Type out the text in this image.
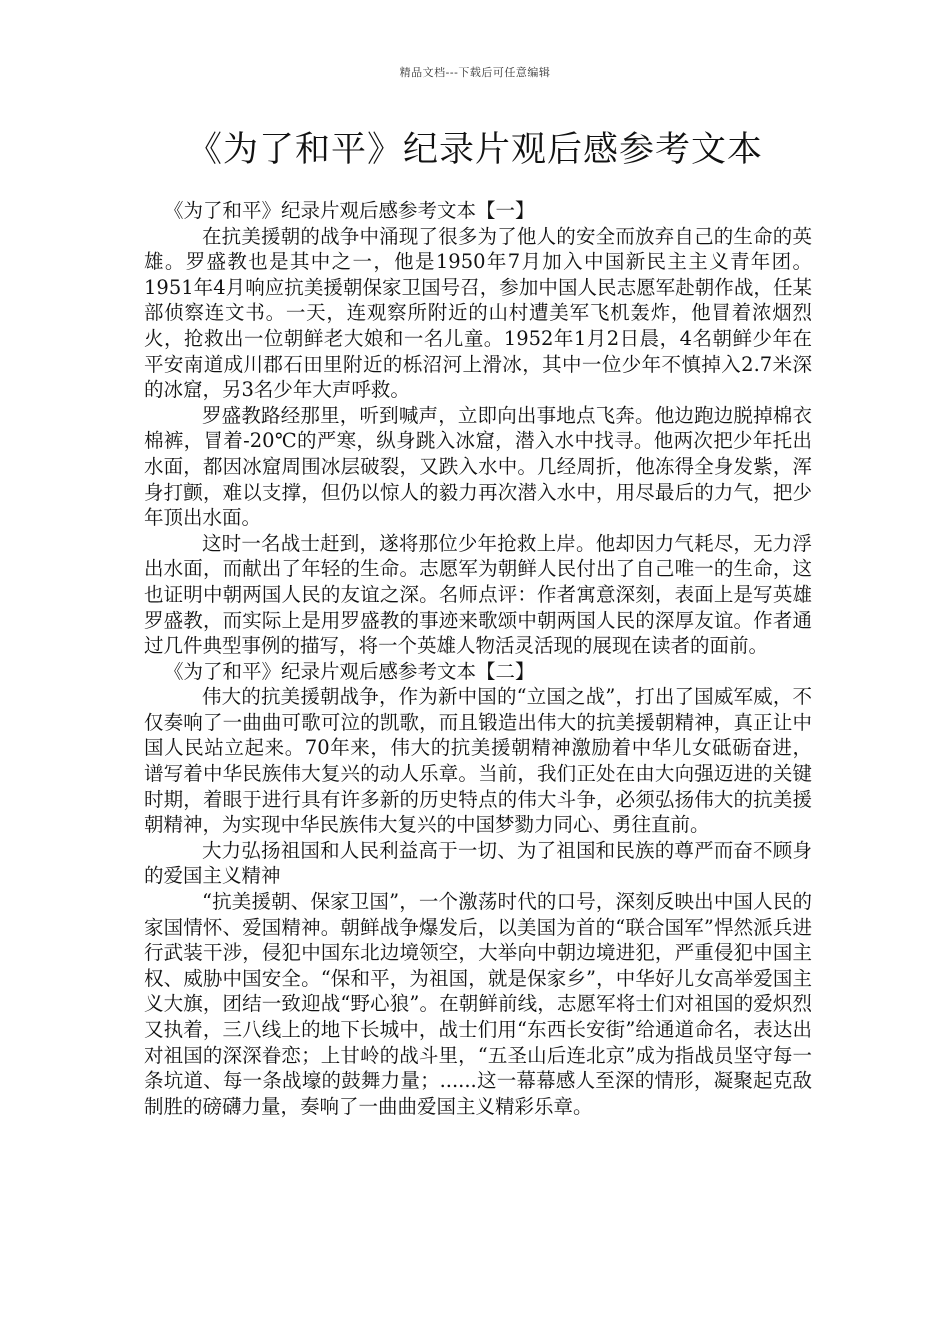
精品文档---下载后可任意编辑
《为了和平》纪录片观后感参考文本

《为了和平》纪录片观后感参考文本【一】

在抗美援朝的战争中涌现了很多为了他人的安全而放弃自己的生命的英雄。罗盛教也是其中之一，他是1950年7月加入中国新民主主义青年团。1951年4月响应抗美援朝保家卫国号召，参加中国人民志愿军赴朝作战，任某部侦察连文书。一天，连观察所附近的山村遭美军飞机轰炸，他冒着浓烟烈火，抢救出一位朝鲜老大娘和一名儿童。1952年1月2日晨，4名朝鲜少年在平安南道成川郡石田里附近的栎沼河上滑冰，其中一位少年不慎掉入2.7米深的冰窟，另3名少年大声呼救。

罗盛教路经那里，听到喊声，立即向出事地点飞奔。他边跑边脱掉棉衣棉裤，冒着-20℃的严寒，纵身跳入冰窟，潜入水中找寻。他两次把少年托出水面，都因冰窟周围冰层破裂，又跌入水中。几经周折，他冻得全身发紫，浑身打颤，难以支撑，但仍以惊人的毅力再次潜入水中，用尽最后的力气，把少年顶出水面。

这时一名战士赶到，遂将那位少年抢救上岸。他却因力气耗尽，无力浮出水面，而献出了年轻的生命。志愿军为朝鲜人民付出了自己唯一的生命，这也证明中朝两国人民的友谊之深。名师点评：作者寓意深刻，表面上是写英雄罗盛教，而实际上是用罗盛教的事迹来歌颂中朝两国人民的深厚友谊。作者通过几件典型事例的描写，将一个英雄人物活灵活现的展现在读者的面前。

《为了和平》纪录片观后感参考文本【二】

伟大的抗美援朝战争，作为新中国的“立国之战”，打出了国威军威，不仅奏响了一曲曲可歌可泣的凯歌，而且锻造出伟大的抗美援朝精神，真正让中国人民站立起来。70年来，伟大的抗美援朝精神激励着中华儿女砥砺奋进，谱写着中华民族伟大复兴的动人乐章。当前，我们正处在由大向强迈进的关键时期，着眼于进行具有许多新的历史特点的伟大斗争，必须弘扬伟大的抗美援朝精神，为实现中华民族伟大复兴的中国梦勠力同心、勇往直前。

大力弘扬祖国和人民利益高于一切、为了祖国和民族的尊严而奋不顾身的爱国主义精神

“抗美援朝、保家卫国”，一个激荡时代的口号，深刻反映出中国人民的家国情怀、爱国精神。朝鲜战争爆发后，以美国为首的“联合国军”悍然派兵进行武装干涉，侵犯中国东北边境领空，大举向中朝边境进犯，严重侵犯中国主权、威胁中国安全。“保和平，为祖国，就是保家乡”，中华好儿女高举爱国主义大旗，团结一致迎战“野心狼”。在朝鲜前线，志愿军将士们对祖国的爱炽烈又执着，三八线上的地下长城中，战士们用“东西长安街”给通道命名，表达出对祖国的深深眷恋；上甘岭的战斗里，“五圣山后连北京”成为指战员坚守每一条坑道、每一条战壕的鼓舞力量；......这一幕幕感人至深的情形，凝聚起克敌制胜的磅礴力量，奏响了一曲曲爱国主义精彩乐章。
